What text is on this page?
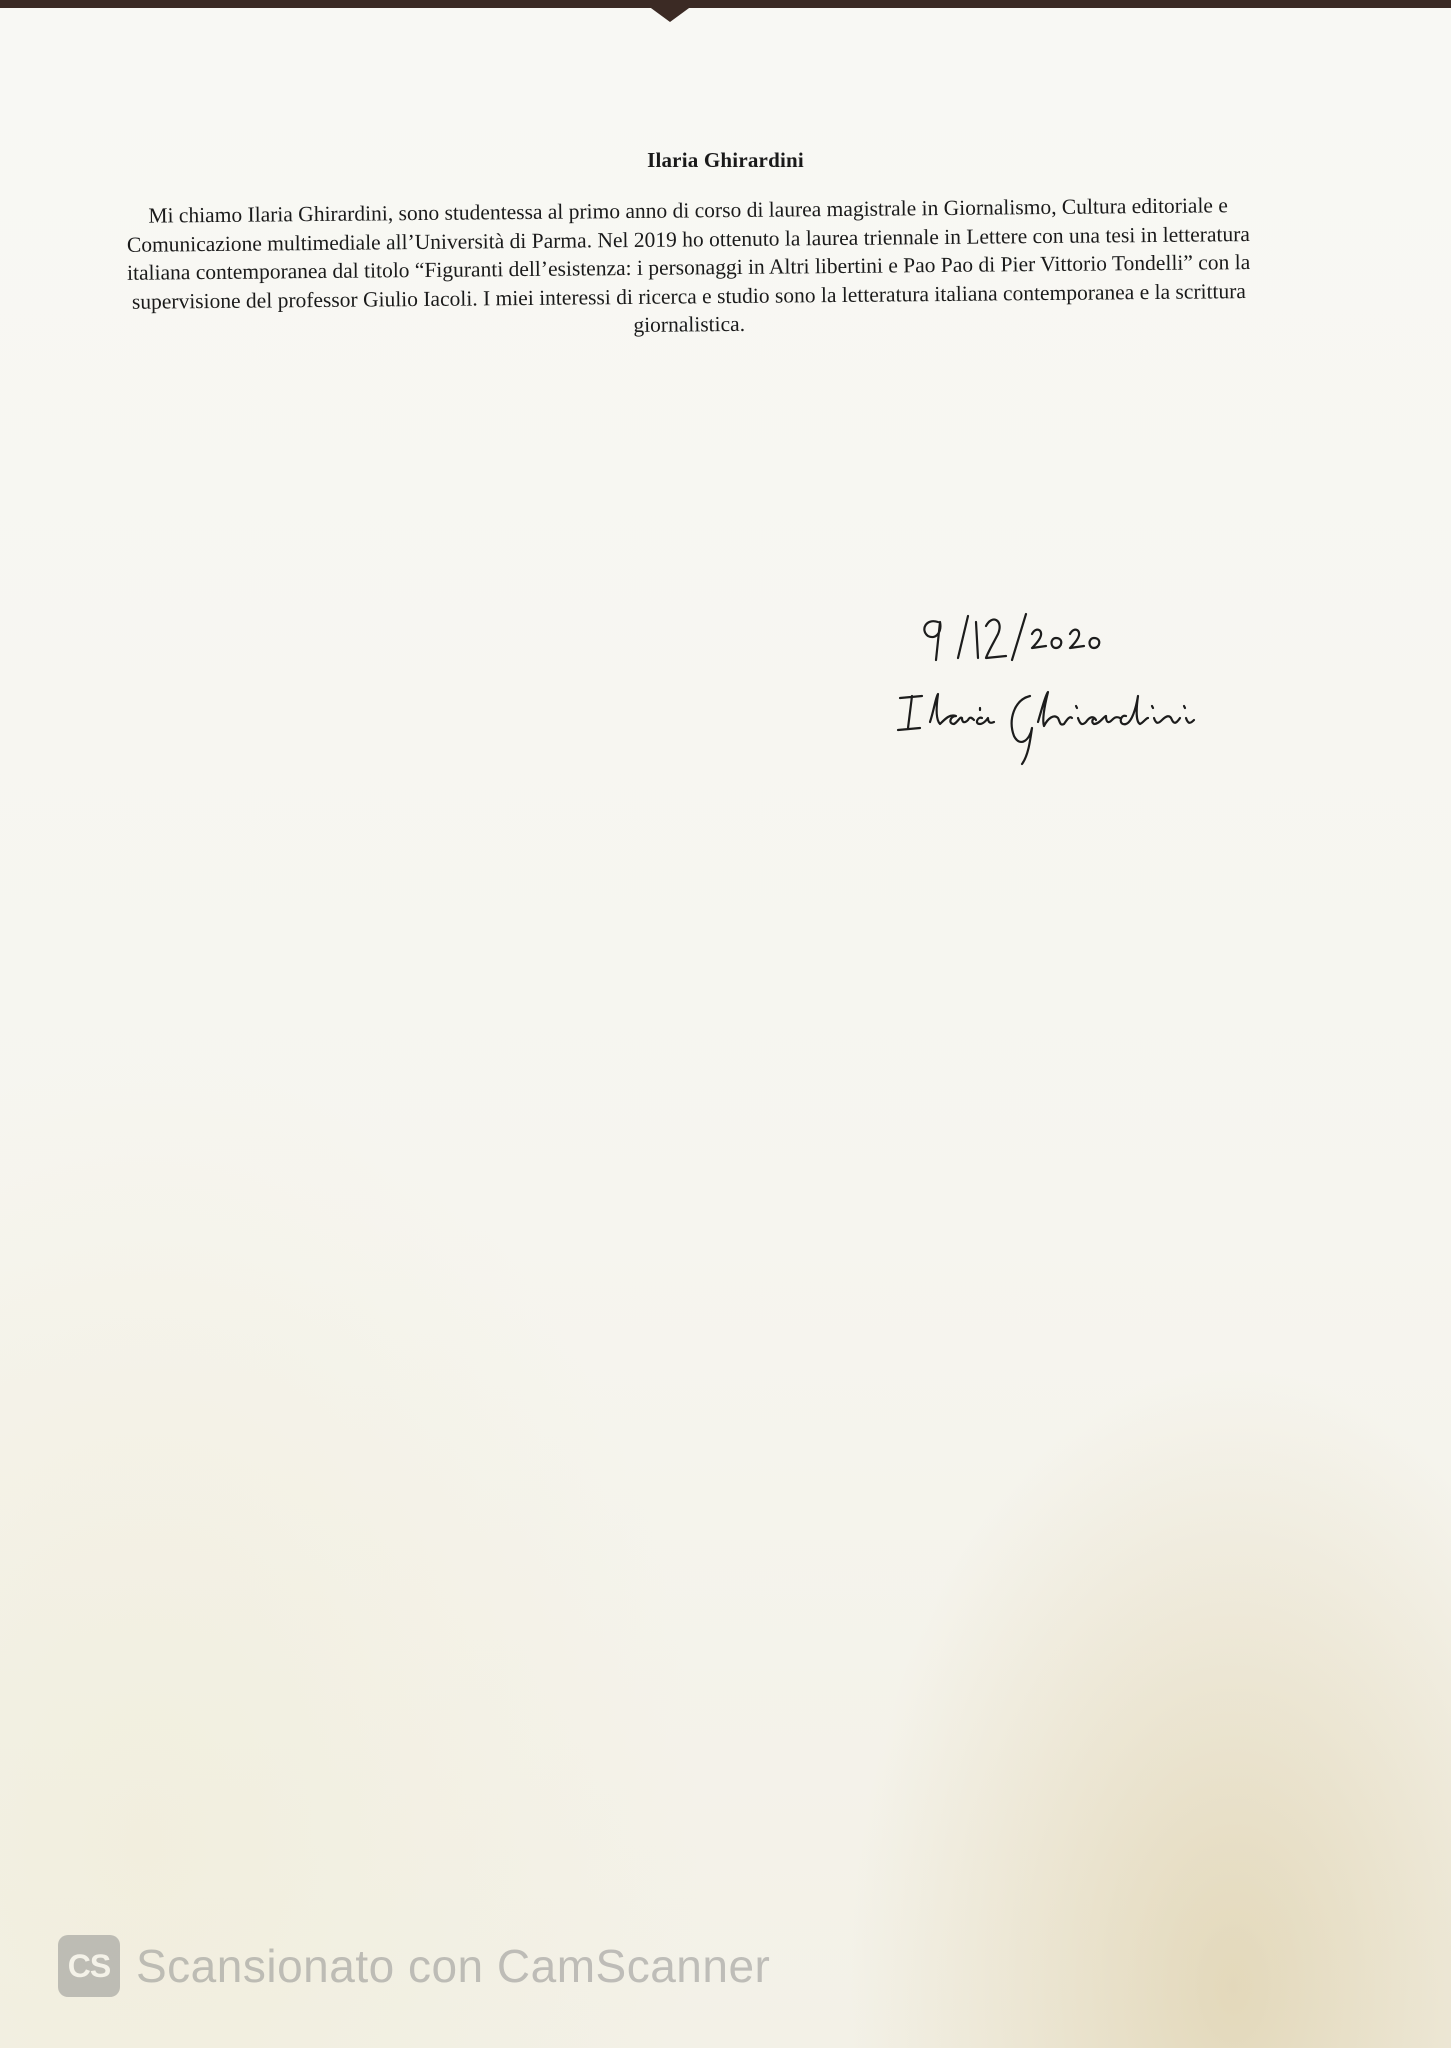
Ilaria Ghirardini
Mi chiamo Ilaria Ghirardini, sono studentessa al primo anno di corso di laurea magistrale in Giornalismo, Cultura editoriale e Comunicazione multimediale all’Università di Parma. Nel 2019 ho ottenuto la laurea triennale in Lettere con una tesi in letteratura italiana contemporanea dal titolo “Figuranti dell’esistenza: i personaggi in Altri libertini e Pao Pao di Pier Vittorio Tondelli” con la supervisione del professor Giulio Iacoli. I miei interessi di ricerca e studio sono la letteratura italiana contemporanea e la scrittura giornalistica.
CS Scansionato con CamScanner
